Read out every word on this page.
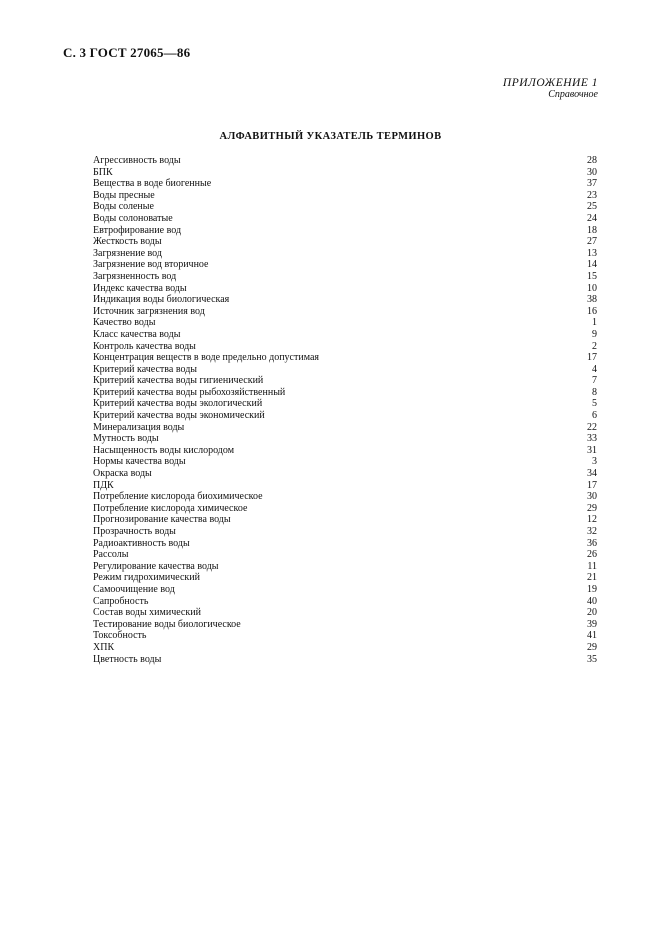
С. 3 ГОСТ 27065—86
ПРИЛОЖЕНИЕ 1
Справочное
АЛФАВИТНЫЙ УКАЗАТЕЛЬ ТЕРМИНОВ
Агрессивность воды	28
БПК	30
Вещества в воде биогенные	37
Воды пресные	23
Воды соленые	25
Воды солоноватые	24
Евтрофирование вод	18
Жесткость воды	27
Загрязнение вод	13
Загрязнение вод вторичное	14
Загрязненность вод	15
Индекс качества воды	10
Индикация воды биологическая	38
Источник загрязнения вод	16
Качество воды	1
Класс качества воды	9
Контроль качества воды	2
Концентрация веществ в воде предельно допустимая	17
Критерий качества воды	4
Критерий качества воды гигиенический	7
Критерий качества воды рыбохозяйственный	8
Критерий качества воды экологический	5
Критерий качества воды экономический	6
Минерализация воды	22
Мутность воды	33
Насыщенность воды кислородом	31
Нормы качества воды	3
Окраска воды	34
ПДК	17
Потребление кислорода биохимическое	30
Потребление кислорода химическое	29
Прогнозирование качества воды	12
Прозрачность воды	32
Радиоактивность воды	36
Рассолы	26
Регулирование качества воды	11
Режим гидрохимический	21
Самоочищение вод	19
Сапробность	40
Состав воды химический	20
Тестирование воды биологическое	39
Токсобность	41
ХПК	29
Цветность воды	35
